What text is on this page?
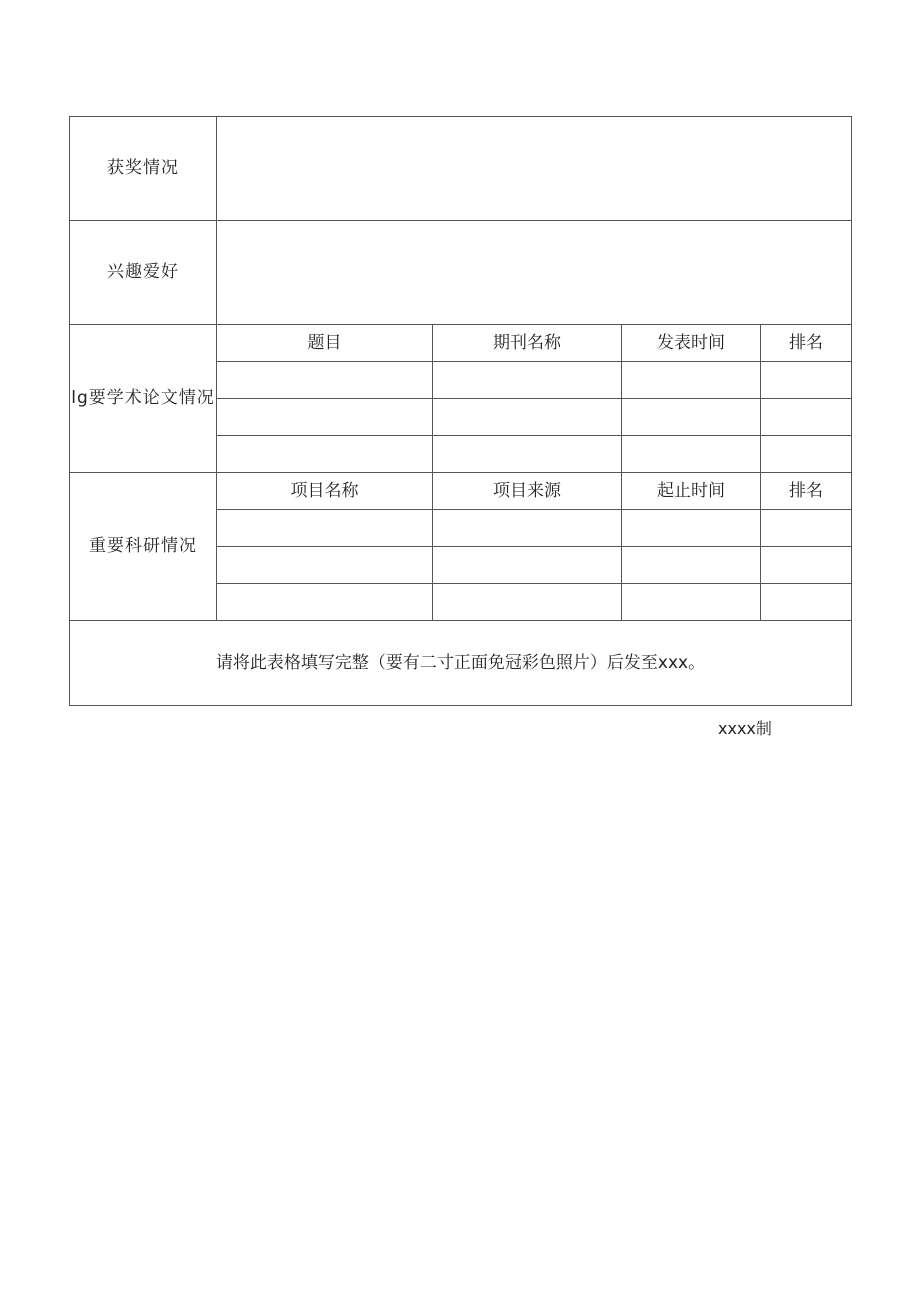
获奖情况				
兴趣爱好				
lg要学术论文情况	题目	期刊名称	发表时间	排名

重要科研情况	项目名称	项目来源	起止时间	排名

请将此表格填写完整（要有二寸正面免冠彩色照片）后发至xxx。				
xxxx制
